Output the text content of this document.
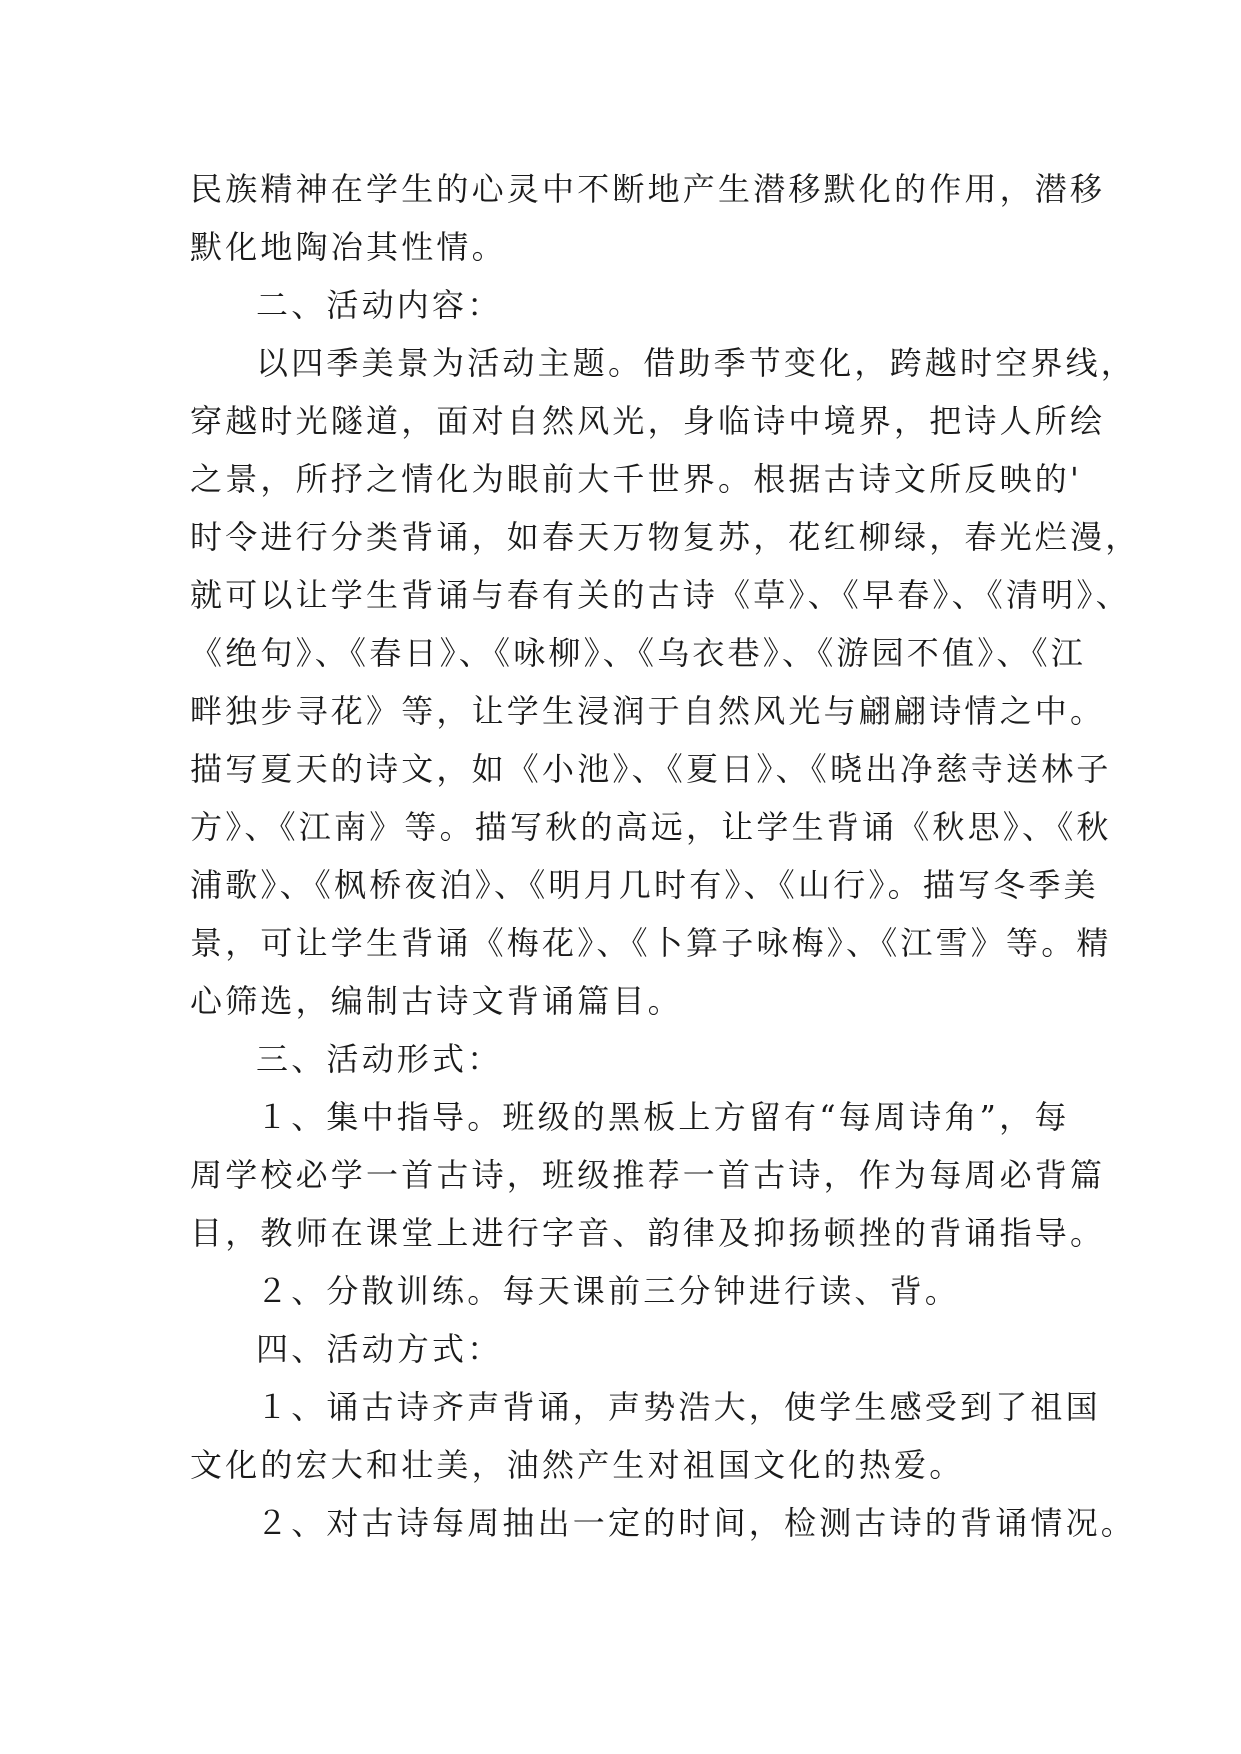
民族精神在学生的心灵中不断地产生潜移默化的作用，潜移
默化地陶冶其性情。
二、活动内容：
以四季美景为活动主题。借助季节变化，跨越时空界线，
穿越时光隧道，面对自然风光，身临诗中境界，把诗人所绘
之景，所抒之情化为眼前大千世界。根据古诗文所反映的'
时令进行分类背诵，如春天万物复苏，花红柳绿，春光烂漫，
就可以让学生背诵与春有关的古诗《草》、《早春》、《清明》、
《绝句》、《春日》、《咏柳》、《乌衣巷》、《游园不值》、《江
畔独步寻花》等，让学生浸润于自然风光与翩翩诗情之中。
描写夏天的诗文，如《小池》、《夏日》、《晓出净慈寺送林子
方》、《江南》等。描写秋的高远，让学生背诵《秋思》、《秋
浦歌》、《枫桥夜泊》、《明月几时有》、《山行》。描写冬季美
景，可让学生背诵《梅花》、《卜算子咏梅》、《江雪》等。精
心筛选，编制古诗文背诵篇目。
三、活动形式：
１、集中指导。班级的黑板上方留有“每周诗角”，每
周学校必学一首古诗，班级推荐一首古诗，作为每周必背篇
目，教师在课堂上进行字音、韵律及抑扬顿挫的背诵指导。
２、分散训练。每天课前三分钟进行读、背。
四、活动方式：
１、诵古诗齐声背诵，声势浩大，使学生感受到了祖国
文化的宏大和壮美，油然产生对祖国文化的热爱。
２、对古诗每周抽出一定的时间，检测古诗的背诵情况。
